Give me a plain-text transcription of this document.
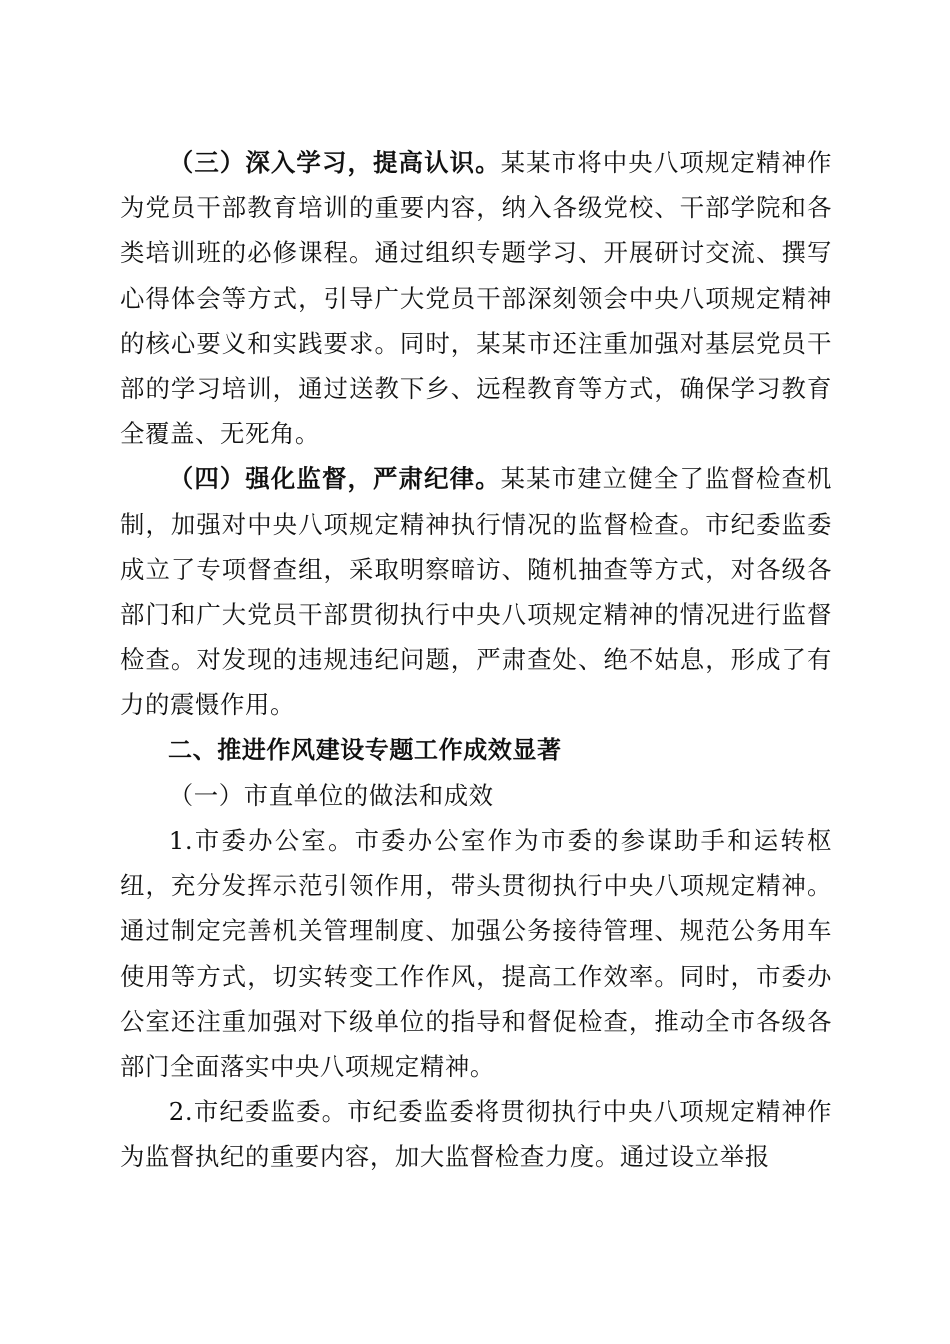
（三）深入学习，提高认识。某某市将中央八项规定精神作为党员干部教育培训的重要内容，纳入各级党校、干部学院和各类培训班的必修课程。通过组织专题学习、开展研讨交流、撰写心得体会等方式，引导广大党员干部深刻领会中央八项规定精神的核心要义和实践要求。同时，某某市还注重加强对基层党员干部的学习培训，通过送教下乡、远程教育等方式，确保学习教育全覆盖、无死角。

（四）强化监督，严肃纪律。某某市建立健全了监督检查机制，加强对中央八项规定精神执行情况的监督检查。市纪委监委成立了专项督查组，采取明察暗访、随机抽查等方式，对各级各部门和广大党员干部贯彻执行中央八项规定精神的情况进行监督检查。对发现的违规违纪问题，严肃查处、绝不姑息，形成了有力的震慑作用。

二、推进作风建设专题工作成效显著

（一）市直单位的做法和成效

1.市委办公室。市委办公室作为市委的参谋助手和运转枢纽，充分发挥示范引领作用，带头贯彻执行中央八项规定精神。通过制定完善机关管理制度、加强公务接待管理、规范公务用车使用等方式，切实转变工作作风，提高工作效率。同时，市委办公室还注重加强对下级单位的指导和督促检查，推动全市各级各部门全面落实中央八项规定精神。

2.市纪委监委。市纪委监委将贯彻执行中央八项规定精神作为监督执纪的重要内容，加大监督检查力度。通过设立举报
